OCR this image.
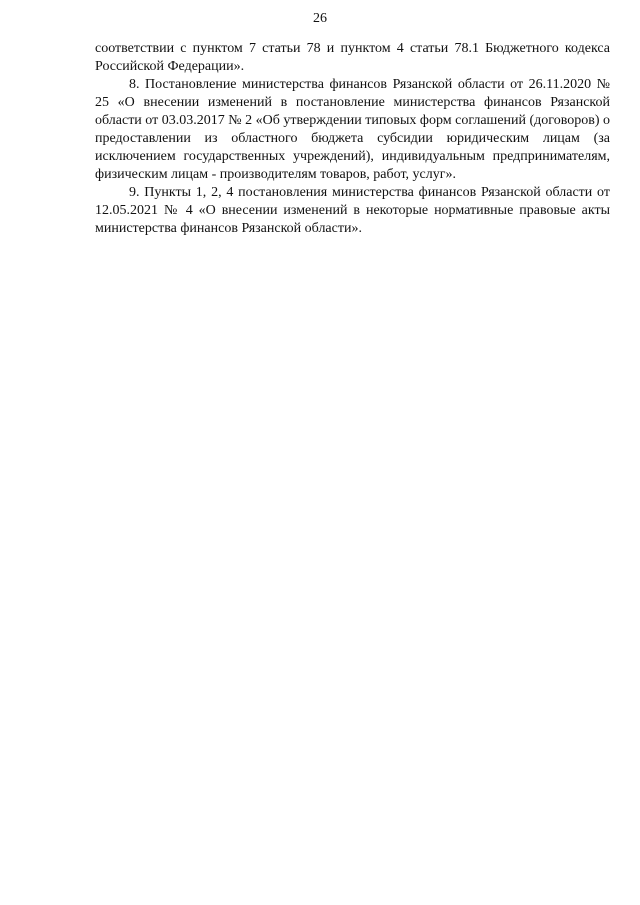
26

соответствии с пунктом 7 статьи 78 и пунктом 4 статьи 78.1 Бюджетного кодекса Российской Федерации».

8. Постановление министерства финансов Рязанской области от 26.11.2020 № 25 «О внесении изменений в постановление министерства финансов Рязанской области от 03.03.2017 № 2 «Об утверждении типовых форм соглашений (договоров) о предоставлении из областного бюджета субсидии юридическим лицам (за исключением государственных учреждений), индивидуальным предпринимателям, физическим лицам - производителям товаров, работ, услуг».

9. Пункты 1, 2, 4 постановления министерства финансов Рязанской области от 12.05.2021 № 4 «О внесении изменений в некоторые нормативные правовые акты министерства финансов Рязанской области».
